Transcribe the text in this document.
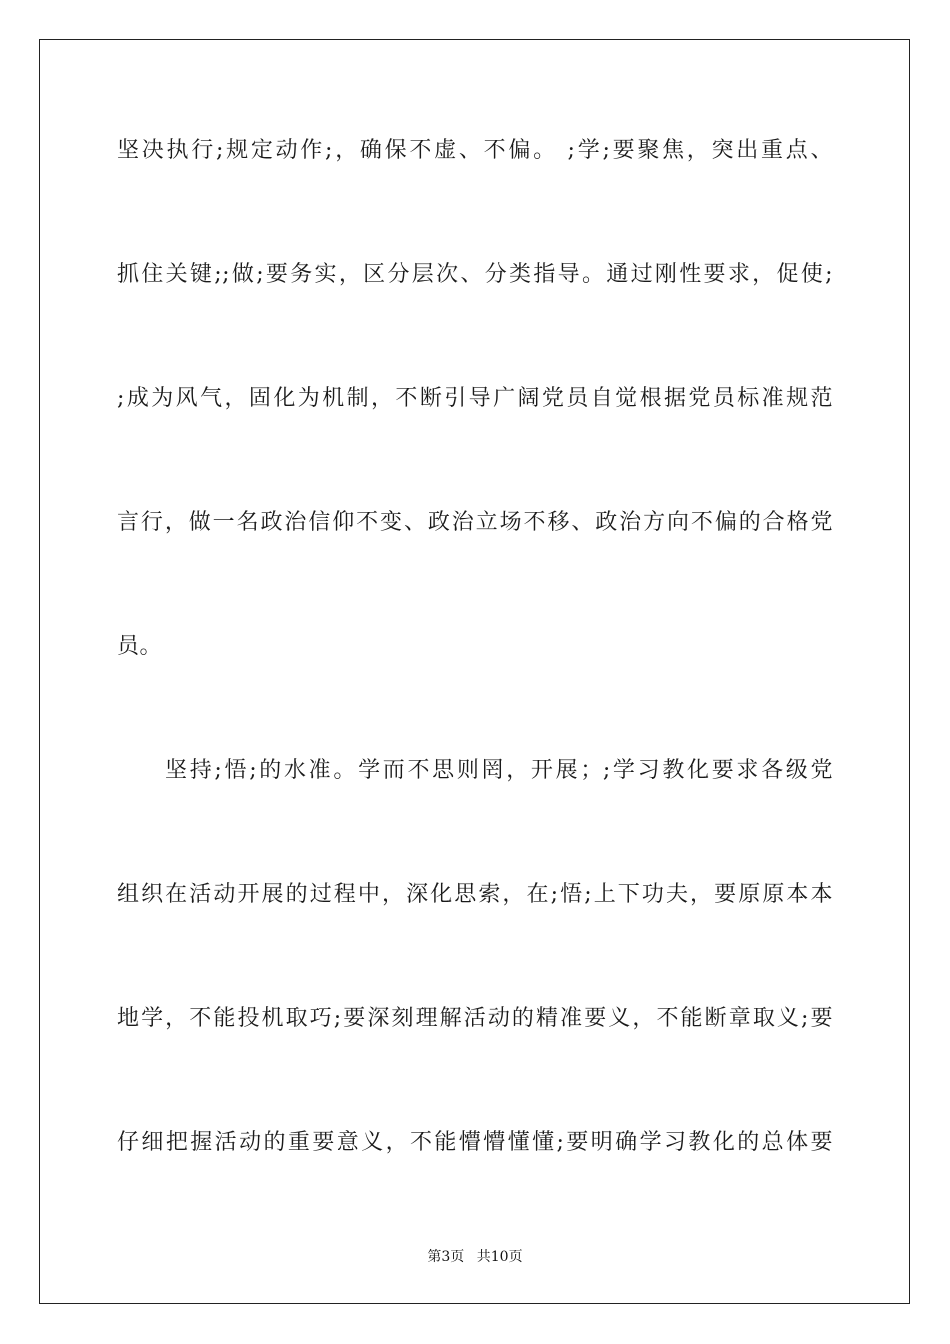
坚决执行;规定动作;，确保不虚、不偏。 ;学;要聚焦，突出重点、
抓住关键;;做;要务实，区分层次、分类指导。通过刚性要求，促使;
;成为风气，固化为机制，不断引导广阔党员自觉根据党员标准规范
言行，做一名政治信仰不变、政治立场不移、政治方向不偏的合格党
员。
坚持;悟;的水准。学而不思则罔，开展；;学习教化要求各级党
组织在活动开展的过程中，深化思索，在;悟;上下功夫，要原原本本
地学，不能投机取巧;要深刻理解活动的精准要义，不能断章取义;要
仔细把握活动的重要意义，不能懵懵懂懂;要明确学习教化的总体要
第3页 共10页
